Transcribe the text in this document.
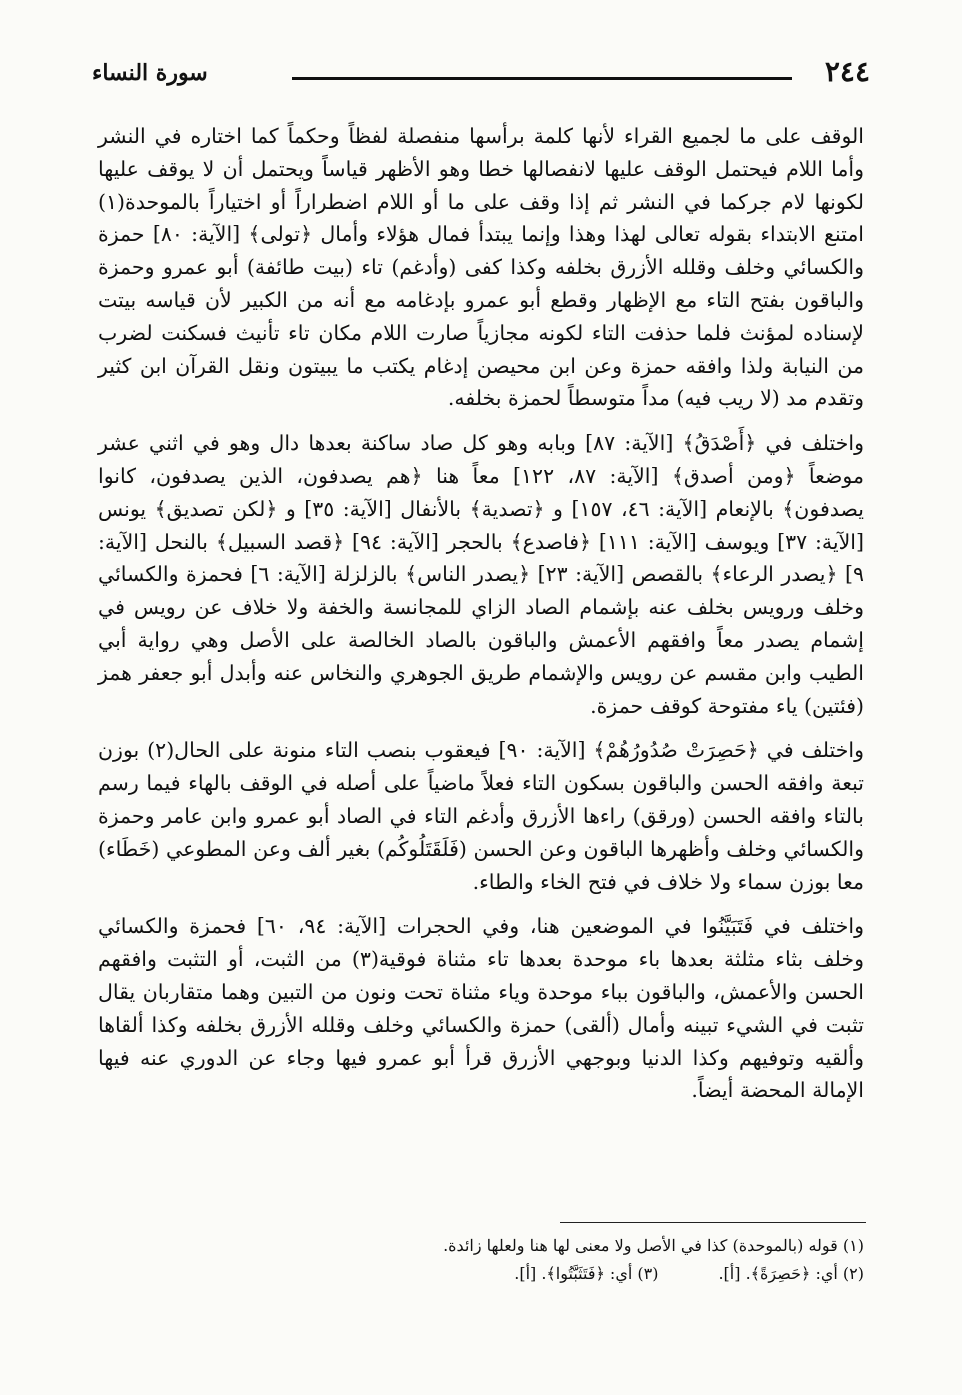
٢٤٤
سورة النساء

الوقف على ما لجميع القراء لأنها كلمة برأسها منفصلة لفظاً وحكماً كما اختاره في النشر وأما اللام فيحتمل الوقف عليها لانفصالها خطا وهو الأظهر قياساً ويحتمل أن لا يوقف عليها لكونها لام جركما في النشر ثم إذا وقف على ما أو اللام اضطراراً أو اختياراً بالموحدة(١) امتنع الابتداء بقوله تعالى لهذا وهذا وإنما يبتدأ فمال هؤلاء وأمال ﴿تولى﴾ [الآية: ٨٠] حمزة والكسائي وخلف وقلله الأزرق بخلفه وكذا كفى (وأدغم) تاء (بيت طائفة) أبو عمرو وحمزة والباقون بفتح التاء مع الإظهار وقطع أبو عمرو بإدغامه مع أنه من الكبير لأن قياسه بيتت لإسناده لمؤنث فلما حذفت التاء لكونه مجازياً صارت اللام مكان تاء تأنيث فسكنت لضرب من النيابة ولذا وافقه حمزة وعن ابن محيصن إدغام يكتب ما يبيتون ونقل القرآن ابن كثير وتقدم مد (لا ريب فيه) مداً متوسطاً لحمزة بخلفه.

واختلف في ﴿أَصْدَقُ﴾ [الآية: ٨٧] وبابه وهو كل صاد ساكنة بعدها دال وهو في اثني عشر موضعاً ﴿ومن أصدق﴾ [الآية: ٨٧، ١٢٢] معاً هنا ﴿هم يصدفون، الذين يصدفون، كانوا يصدفون﴾ بالإنعام [الآية: ٤٦، ١٥٧] و ﴿تصدية﴾ بالأنفال [الآية: ٣٥] و ﴿لكن تصديق﴾ يونس [الآية: ٣٧] ويوسف [الآية: ١١١] ﴿فاصدع﴾ بالحجر [الآية: ٩٤] ﴿قصد السبيل﴾ بالنحل [الآية: ٩] ﴿يصدر الرعاء﴾ بالقصص [الآية: ٢٣] ﴿يصدر الناس﴾ بالزلزلة [الآية: ٦] فحمزة والكسائي وخلف ورويس بخلف عنه بإشمام الصاد الزاي للمجانسة والخفة ولا خلاف عن رويس في إشمام يصدر معاً وافقهم الأعمش والباقون بالصاد الخالصة على الأصل وهي رواية أبي الطيب وابن مقسم عن رويس والإشمام طريق الجوهري والنخاس عنه وأبدل أبو جعفر همز (فئتين) ياء مفتوحة كوقف حمزة.

واختلف في ﴿حَصِرَتْ صُدُورُهُمْ﴾ [الآية: ٩٠] فيعقوب بنصب التاء منونة على الحال(٢) بوزن تبعة وافقه الحسن والباقون بسكون التاء فعلاً ماضياً على أصله في الوقف بالهاء فيما رسم بالتاء وافقه الحسن (ورقق) راءها الأزرق وأدغم التاء في الصاد أبو عمرو وابن عامر وحمزة والكسائي وخلف وأظهرها الباقون وعن الحسن (فَلَقَتَلُوكُم) بغير ألف وعن المطوعي (خَطَاء) معا بوزن سماء ولا خلاف في فتح الخاء والطاء.

واختلف في فَتَبَيَّنُوا في الموضعين هنا، وفي الحجرات [الآية: ٩٤، ٦٠] فحمزة والكسائي وخلف بثاء مثلثة بعدها باء موحدة بعدها تاء مثناة فوقية(٣) من الثبت، أو التثبت وافقهم الحسن والأعمش، والباقون بباء موحدة وياء مثناة تحت ونون من التبين وهما متقاربان يقال تثبت في الشيء تبينه وأمال (ألقى) حمزة والكسائي وخلف وقلله الأزرق بخلفه وكذا ألقاها وألقيه وتوفيهم وكذا الدنيا وبوجهي الأزرق قرأ أبو عمرو فيها وجاء عن الدوري عنه فيها الإمالة المحضة أيضاً.

(١) قوله (بالموحدة) كذا في الأصل ولا معنى لها هنا ولعلها زائدة.

(٢) أي: ﴿حَصِرَةً﴾. [أ].
(٣) أي: ﴿فَتَثَبَّتُوا﴾. [أ].
